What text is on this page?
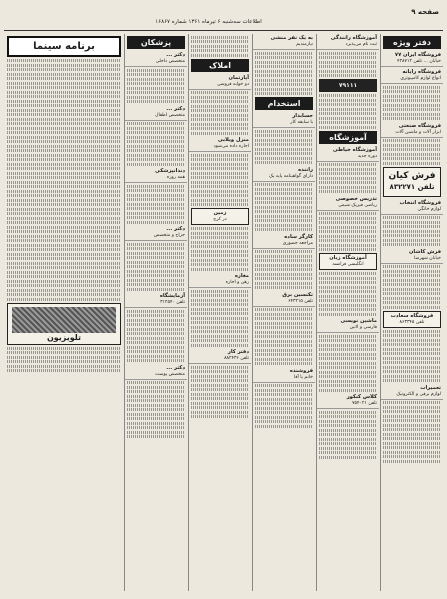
صفحه ۹
اطلاعات سه‌شنبه ۶ تیرماه ۱۳۶۱ شماره ۱۶۸۶۷
دفتر ویژه
فروشگاه ایران ۷۷
خیابان ... تلفن ۴۲۸۷۱۲
فروشگاه رایانه
انواع لوازم کامپیوتری
فروشگاه صنعتی
ابزار آلات و ماشین آلات
فرش کیان
تلفن ۸۳۲۲۷۱
فروشگاه انتخاب
لوازم خانگی
فرش کاشان
خیابان شهرضا
فروشگاه سعادت
تلفن ۸۶۳۳۴۵
تعمیرات
لوازم برقی و الکترونیک
آموزشگاه رانندگی
ثبت نام می‌پذیرد
۷۹۱۱۱
آموزشگاه
آموزشگاه خیاطی
دوره جدید
تدریس خصوصی
ریاضی فیزیک شیمی
آموزشگاه زبان
انگلیسی فرانسه
ماشین نویسی
فارسی و لاتین
کلاس کنکور
تلفن ۷۵۴۰۲۱
به یک نفر منشی
نیازمندیم
استخدام
حسابدار
با سابقه کار
راننده
دارای گواهینامه پایه یک
کارگر ساده
مراجعه حضوری
تکنسین برق
تلفن ۶۴۳۲۱۵
فروشنده
خانم یا آقا
املاک
آپارتمان
دو خوابه فروشی
منزل ویلایی
اجاره داده می‌شود
زمین
در کرج
مغازه
رهن و اجاره
دفتر کار
تلفن ۸۸۲۴۳۶
پزشکان
دکتر ...
متخصص داخلی
دکتر ...
متخصص اطفال
دندانپزشکی
همه روزه
دکتر ...
جراح و متخصص
آزمایشگاه
تلفن ۳۱۲۵۴۰
دکتر ...
متخصص پوست
برنامه سینما
تلویزیون
